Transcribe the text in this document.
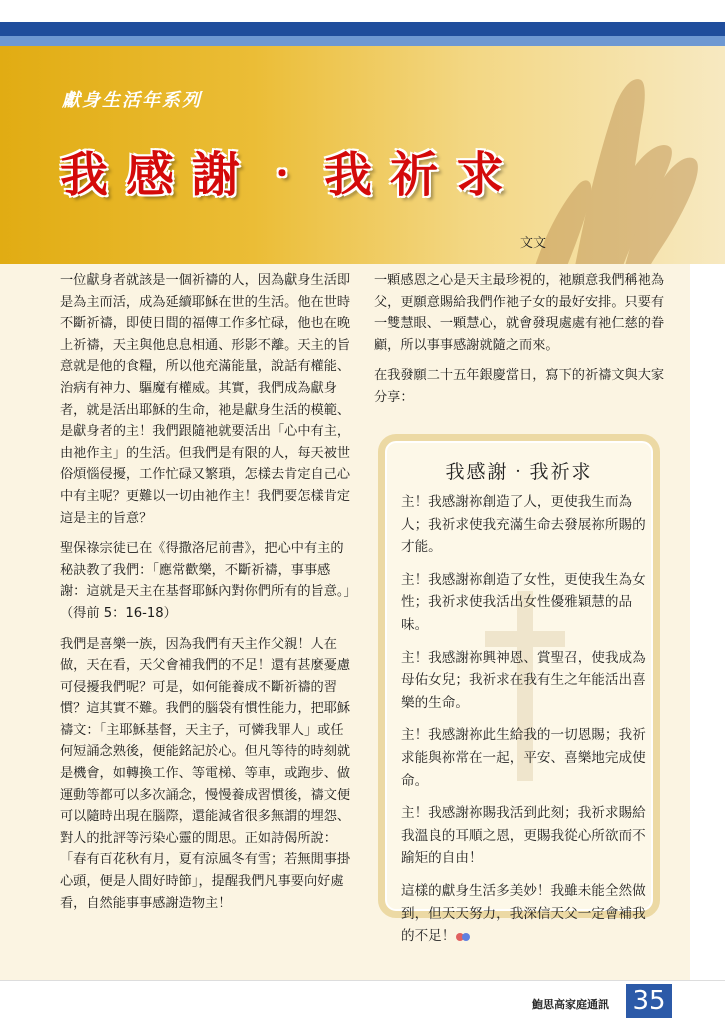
獻身生活年系列
我感謝‧我祈求
文文

一位獻身者就該是一個祈禱的人，因為獻身生活即是為主而活，成為延續耶穌在世的生活。他在世時不斷祈禱，即使日間的福傳工作多忙碌，他也在晚上祈禱，天主與他息息相通、形影不離。天主的旨意就是他的食糧，所以他充滿能量，說話有權能、治病有神力、驅魔有權威。其實，我們成為獻身者，就是活出耶穌的生命，祂是獻身生活的模範、是獻身者的主！我們跟隨祂就要活出「心中有主，由祂作主」的生活。但我們是有限的人，每天被世俗煩惱侵擾，工作忙碌又繁瑣，怎樣去肯定自己心中有主呢？更難以一切由祂作主！我們要怎樣肯定這是主的旨意？

聖保祿宗徒已在《得撒洛尼前書》，把心中有主的秘訣教了我們：「應常歡樂，不斷祈禱，事事感謝：這就是天主在基督耶穌內對你們所有的旨意。」（得前 5：16-18）

我們是喜樂一族，因為我們有天主作父親！人在做，天在看，天父會補我們的不足！還有甚麼憂慮可侵擾我們呢？可是，如何能養成不斷祈禱的習慣？這其實不難。我們的腦袋有慣性能力，把耶穌禱文：「主耶穌基督，天主子，可憐我罪人」或任何短誦念熟後，便能銘記於心。但凡等待的時刻就是機會，如轉換工作、等電梯、等車，或跑步、做運動等都可以多次誦念，慢慢養成習慣後，禱文便可以隨時出現在腦際，還能減省很多無謂的埋怨、對人的批評等污染心靈的閒思。正如詩偈所說：「春有百花秋有月，夏有涼風冬有雪；若無閒事掛心頭，便是人間好時節」，提醒我們凡事要向好處看，自然能事事感謝造物主！

一顆感恩之心是天主最珍視的，祂願意我們稱祂為父，更願意賜給我們作祂子女的最好安排。只要有一雙慧眼、一顆慧心，就會發現處處有祂仁慈的眷顧，所以事事感謝就隨之而來。

在我發願二十五年銀慶當日，寫下的祈禱文與大家分享：

我感謝‧我祈求

主！我感謝祢創造了人，更使我生而為人；我祈求使我充滿生命去發展祢所賜的才能。

主！我感謝祢創造了女性，更使我生為女性；我祈求使我活出女性優雅穎慧的品味。

主！我感謝祢興神恩、賞聖召，使我成為母佑女兒；我祈求在我有生之年能活出喜樂的生命。

主！我感謝祢此生給我的一切恩賜；我祈求能與祢常在一起，平安、喜樂地完成使命。

主！我感謝祢賜我活到此刻；我祈求賜給我溫良的耳順之恩，更賜我從心所欲而不踰矩的自由！

這樣的獻身生活多美妙！我雖未能全然做到，但天天努力，我深信天父一定會補我的不足！

鮑思高家庭通訊 35
